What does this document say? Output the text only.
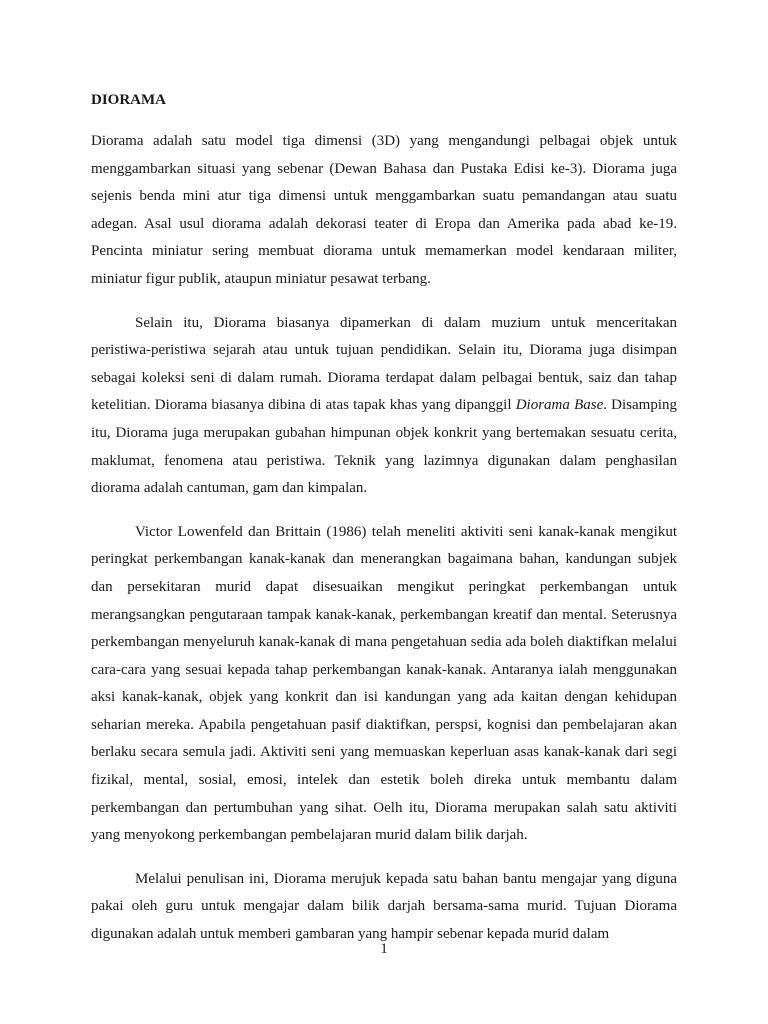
DIORAMA

Diorama adalah satu model tiga dimensi (3D) yang mengandungi pelbagai objek untuk menggambarkan situasi yang sebenar (Dewan Bahasa dan Pustaka Edisi ke-3). Diorama juga sejenis benda mini atur tiga dimensi untuk menggambarkan suatu pemandangan atau suatu adegan. Asal usul diorama adalah dekorasi teater di Eropa dan Amerika pada abad ke-19. Pencinta miniatur sering membuat diorama untuk memamerkan model kendaraan militer, miniatur figur publik, ataupun miniatur pesawat terbang.

Selain itu, Diorama biasanya dipamerkan di dalam muzium untuk menceritakan peristiwa-peristiwa sejarah atau untuk tujuan pendidikan. Selain itu, Diorama juga disimpan sebagai koleksi seni di dalam rumah. Diorama terdapat dalam pelbagai bentuk, saiz dan tahap ketelitian. Diorama biasanya dibina di atas tapak khas yang dipanggil Diorama Base. Disamping itu, Diorama juga merupakan gubahan himpunan objek konkrit yang bertemakan sesuatu cerita, maklumat, fenomena atau peristiwa. Teknik yang lazimnya digunakan dalam penghasilan diorama adalah cantuman, gam dan kimpalan.

Victor Lowenfeld dan Brittain (1986) telah meneliti aktiviti seni kanak-kanak mengikut peringkat perkembangan kanak-kanak dan menerangkan bagaimana bahan, kandungan subjek dan persekitaran murid dapat disesuaikan mengikut peringkat perkembangan untuk merangsangkan pengutaraan tampak kanak-kanak, perkembangan kreatif dan mental. Seterusnya perkembangan menyeluruh kanak-kanak di mana pengetahuan sedia ada boleh diaktifkan melalui cara-cara yang sesuai kepada tahap perkembangan kanak-kanak. Antaranya ialah menggunakan aksi kanak-kanak, objek yang konkrit dan isi kandungan yang ada kaitan dengan kehidupan seharian mereka. Apabila pengetahuan pasif diaktifkan, perspsi, kognisi dan pembelajaran akan berlaku secara semula jadi. Aktiviti seni yang memuaskan keperluan asas kanak-kanak dari segi fizikal, mental, sosial, emosi, intelek dan estetik boleh direka untuk membantu dalam perkembangan dan pertumbuhan yang sihat. Oelh itu, Diorama merupakan salah satu aktiviti yang menyokong perkembangan pembelajaran murid dalam bilik darjah.

Melalui penulisan ini, Diorama merujuk kepada satu bahan bantu mengajar yang diguna pakai oleh guru untuk mengajar dalam bilik darjah bersama-sama murid. Tujuan Diorama digunakan adalah untuk memberi gambaran yang hampir sebenar kepada murid dalam

1
